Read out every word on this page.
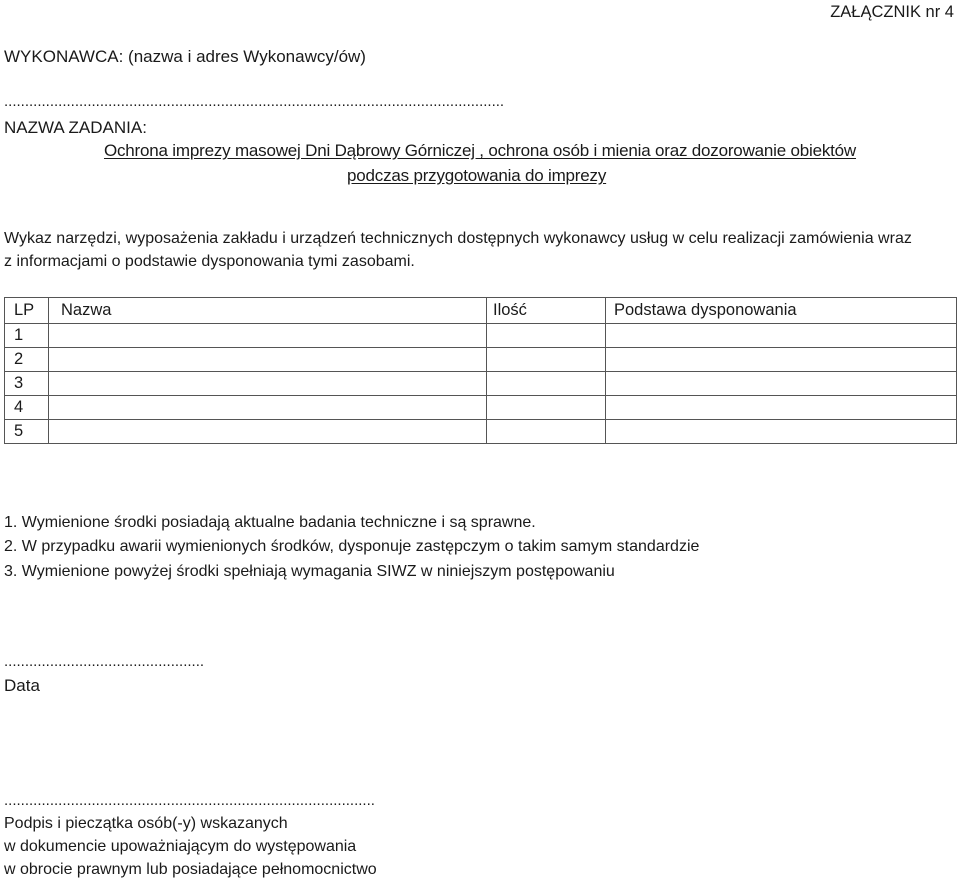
ZAŁĄCZNIK nr 4
WYKONAWCA: (nazwa i adres Wykonawcy/ów)
........................................................................................................................
NAZWA ZADANIA:
Ochrona imprezy masowej Dni Dąbrowy Górniczej , ochrona osób i mienia oraz dozorowanie obiektów
podczas przygotowania do imprezy
Wykaz narzędzi, wyposażenia zakładu i urządzeń technicznych dostępnych wykonawcy usług w celu realizacji zamówienia wraz
z informacjami o podstawie dysponowania tymi zasobami.
LP	Nazwa	Ilość	Podstawa dysponowania
1			
2			
3			
4			
5			
1. Wymienione środki posiadają aktualne badania techniczne i są sprawne.
2. W przypadku awarii wymienionych środków, dysponuje zastępczym o takim samym standardzie
3. Wymienione powyżej środki spełniają wymagania SIWZ w niniejszym postępowaniu
................................................
Data
.........................................................................................
Podpis i pieczątka osób(-y) wskazanych
w dokumencie upoważniającym do występowania
w obrocie prawnym lub posiadające pełnomocnictwo
